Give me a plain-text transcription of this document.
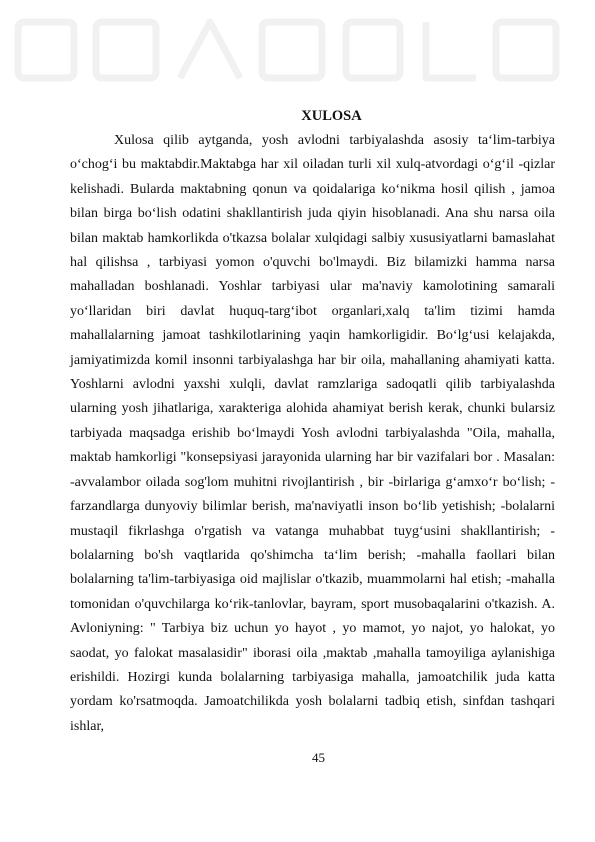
XULOSA

Xulosa qilib aytganda, yosh avlodni tarbiyalashda asosiy ta‘lim-tarbiya o‘chog‘i bu maktabdir.Maktabga har xil oiladan turli xil xulq-atvordagi o‘g‘il -qizlar kelishadi. Bularda maktabning qonun va qoidalariga ko‘nikma hosil qilish , jamoa bilan birga bo‘lish odatini shakllantirish juda qiyin hisoblanadi. Ana shu narsa oila bilan maktab hamkorlikda o'tkazsa bolalar xulqidagi salbiy xususiyatlarni bamaslahat hal qilishsa , tarbiyasi yomon o'quvchi bo'lmaydi. Biz bilamizki hamma narsa mahalladan boshlanadi. Yoshlar tarbiyasi ular ma'naviy kamolotining samarali yo‘llaridan biri davlat huquq-targ‘ibot organlari,xalq ta'lim tizimi hamda mahallalarning jamoat tashkilotlarining yaqin hamkorligidir. Bo‘lg‘usi kelajakda, jamiyatimizda komil insonni tarbiyalashga har bir oila, mahallaning ahamiyati katta. Yoshlarni avlodni yaxshi xulqli, davlat ramzlariga sadoqatli qilib tarbiyalashda ularning yosh jihatlariga, xarakteriga alohida ahamiyat berish kerak, chunki bularsiz tarbiyada maqsadga erishib bo‘lmaydi Yosh avlodni tarbiyalashda "Oila, mahalla, maktab hamkorligi "konsepsiyasi jarayonida ularning har bir vazifalari bor . Masalan: -avvalambor oilada sog'lom muhitni rivojlantirish , bir -birlariga g‘amxo‘r bo‘lish; -farzandlarga dunyoviy bilimlar berish, ma'naviyatli inson bo‘lib yetishish; -bolalarni mustaqil fikrlashga o'rgatish va vatanga muhabbat tuyg‘usini shakllantirish; -bolalarning bo'sh vaqtlarida qo'shimcha ta‘lim berish; -mahalla faollari bilan bolalarning ta'lim-tarbiyasiga oid majlislar o'tkazib, muammolarni hal etish; -mahalla tomonidan o'quvchilarga ko‘rik-tanlovlar, bayram, sport musobaqalarini o'tkazish. A. Avloniyning: " Tarbiya biz uchun yo hayot , yo mamot, yo najot, yo halokat, yo saodat, yo falokat masalasidir" iborasi oila ,maktab ,mahalla tamoyiliga aylanishiga erishildi. Hozirgi kunda bolalarning tarbiyasiga mahalla, jamoatchilik juda katta yordam ko'rsatmoqda. Jamoatchilikda yosh bolalarni tadbiq etish, sinfdan tashqari ishlar,

45
